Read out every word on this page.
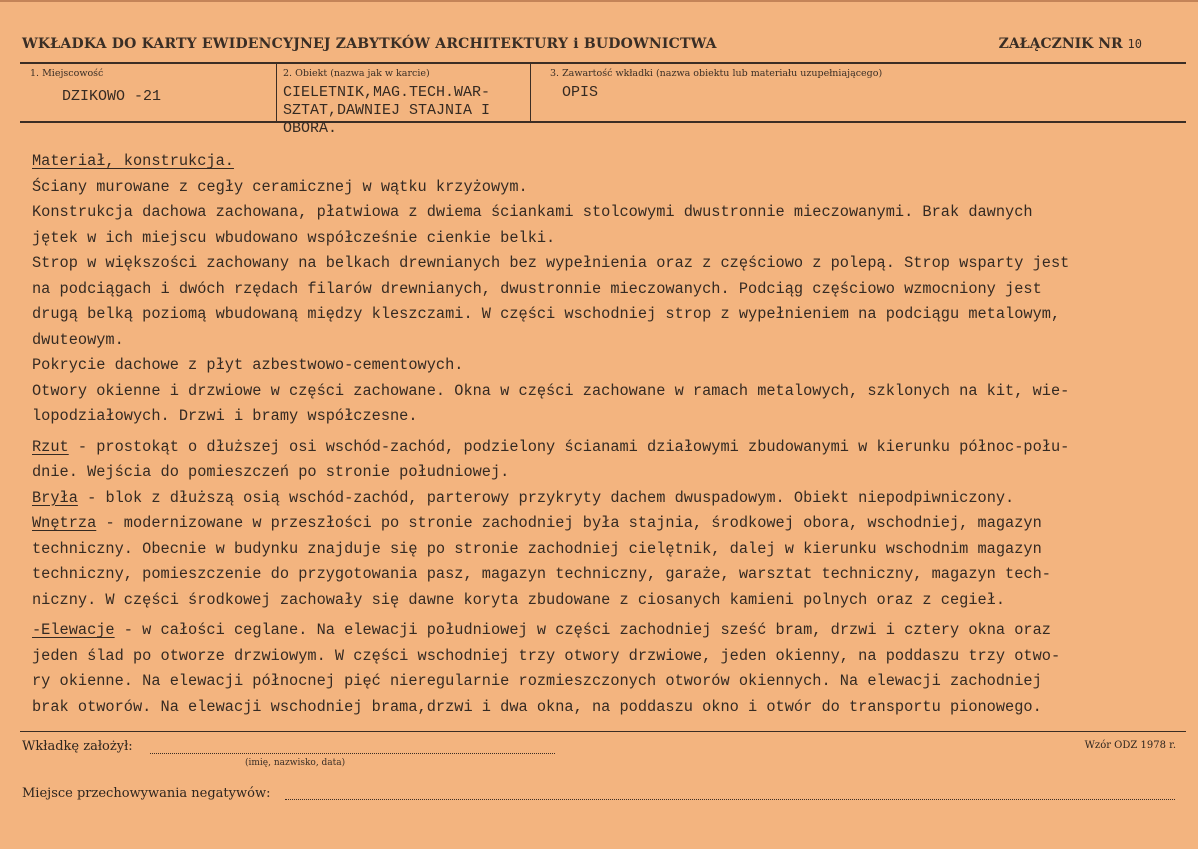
WKŁADKA DO KARTY EWIDENCYJNEJ ZABYTKÓW ARCHITEKTURY i BUDOWNICTWA	ZAŁĄCZNIK NR 10
1. Miejscowość
DZIKOWO -21
2. Obiekt (nazwa jak w karcie)
CIELETNIK,MAG.TECH.WAR-
SZTAT,DAWNIEJ STAJNIA I
OBORA.
3. Zawartość wkładki (nazwa obiektu lub materiału uzupełniającego)
OPIS
Materiał, konstrukcja.
Ściany murowane z cegły ceramicznej w wątku krzyżowym.
Konstrukcja dachowa zachowana, płatwiowa z dwiema ściankami stolcowymi dwustronnie mieczowanymi. Brak dawnych
jętek w ich miejscu wbudowano współcześnie cienkie belki.
Strop w większości zachowany na belkach drewnianych bez wypełnienia oraz z częściowo z polepą. Strop wsparty jest
na podciągach i dwóch rzędach filarów drewnianych, dwustronnie mieczowanych. Podciąg częściowo wzmocniony jest
drugą belką poziomą wbudowaną między kleszczami. W części wschodniej strop z wypełnieniem na podciągu metalowym,
dwuteowym.
Pokrycie dachowe z płyt azbestwowo-cementowych.
Otwory okienne i drzwiowe w części zachowane. Okna w części zachowane w ramach metalowych, szklonych na kit, wie-
lopodziałowych. Drzwi i bramy współczesne.
Rzut - prostokąt o dłuższej osi wschód-zachód, podzielony ścianami działowymi zbudowanymi w kierunku północ-połu-
dnie. Wejścia do pomieszczeń po stronie południowej.
Bryła - blok z dłuższą osią wschód-zachód, parterowy przykryty dachem dwuspadowym. Obiekt niepodpiwniczony.
Wnętrza - modernizowane w przeszłości po stronie zachodniej była stajnia, środkowej obora, wschodniej, magazyn
techniczny. Obecnie w budynku znajduje się po stronie zachodniej cielętnik, dalej w kierunku wschodnim magazyn
techniczny, pomieszczenie do przygotowania pasz, magazyn techniczny, garaże, warsztat techniczny, magazyn tech-
niczny. W części środkowej zachowały się dawne koryta zbudowane z ciosanych kamieni polnych oraz z cegieł.
-Elewacje - w całości ceglane. Na elewacji południowej w części zachodniej sześć bram, drzwi i cztery okna oraz
jeden ślad po otworze drzwiowym. W części wschodniej trzy otwory drzwiowe, jeden okienny, na poddaszu trzy otwo-
ry okienne. Na elewacji północnej pięć nieregularnie rozmieszczonych otworów okiennych. Na elewacji zachodniej
brak otworów. Na elewacji wschodniej brama,drzwi i dwa okna, na poddaszu okno i otwór do transportu pionowego.
Wkładkę założył:
(imię, nazwisko, data)
Wzór ODZ 1978 r.
Miejsce przechowywania negatywów:
